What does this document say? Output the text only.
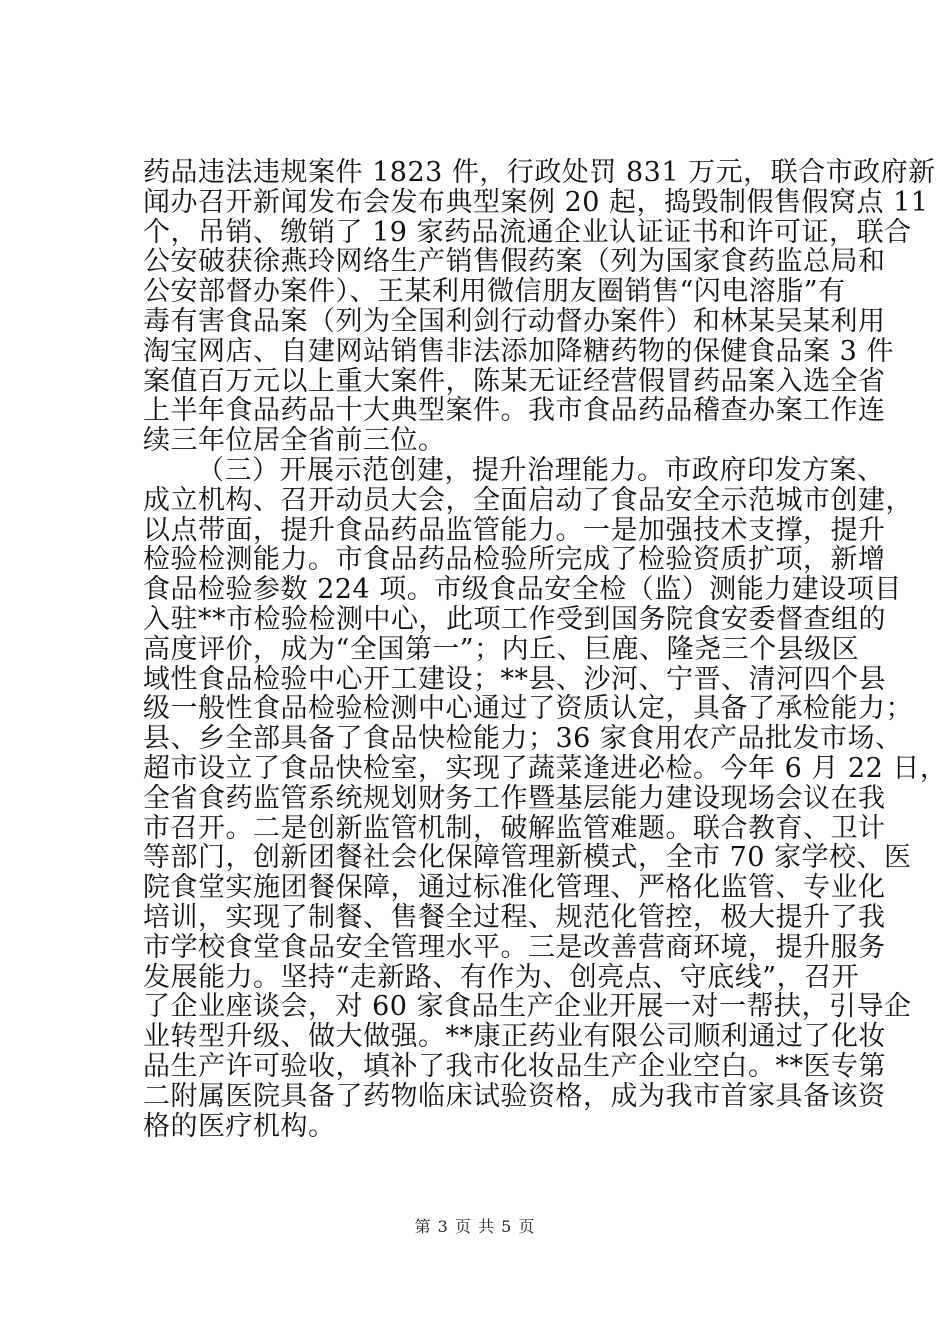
药品违法违规案件 1823 件，行政处罚 831 万元，联合市政府新
闻办召开新闻发布会发布典型案例 20 起，捣毁制假售假窝点 11
个，吊销、缴销了 19 家药品流通企业认证证书和许可证，联合
公安破获徐燕玲网络生产销售假药案（列为国家食药监总局和
公安部督办案件）、王某利用微信朋友圈销售“闪电溶脂”有
毒有害食品案（列为全国利剑行动督办案件）和林某吴某利用
淘宝网店、自建网站销售非法添加降糖药物的保健食品案 3 件
案值百万元以上重大案件，陈某无证经营假冒药品案入选全省
上半年食品药品十大典型案件。我市食品药品稽查办案工作连
续三年位居全省前三位。
（三）开展示范创建，提升治理能力。市政府印发方案、
成立机构、召开动员大会，全面启动了食品安全示范城市创建，
以点带面，提升食品药品监管能力。一是加强技术支撑，提升
检验检测能力。市食品药品检验所完成了检验资质扩项，新增
食品检验参数 224 项。市级食品安全检（监）测能力建设项目
入驻**市检验检测中心，此项工作受到国务院食安委督查组的
高度评价，成为“全国第一”；内丘、巨鹿、隆尧三个县级区
域性食品检验中心开工建设；**县、沙河、宁晋、清河四个县
级一般性食品检验检测中心通过了资质认定，具备了承检能力；
县、乡全部具备了食品快检能力；36 家食用农产品批发市场、
超市设立了食品快检室，实现了蔬菜逢进必检。今年 6 月 22 日，
全省食药监管系统规划财务工作暨基层能力建设现场会议在我
市召开。二是创新监管机制，破解监管难题。联合教育、卫计
等部门，创新团餐社会化保障管理新模式，全市 70 家学校、医
院食堂实施团餐保障，通过标准化管理、严格化监管、专业化
培训，实现了制餐、售餐全过程、规范化管控，极大提升了我
市学校食堂食品安全管理水平。三是改善营商环境，提升服务
发展能力。坚持“走新路、有作为、创亮点、守底线”，召开
了企业座谈会，对 60 家食品生产企业开展一对一帮扶，引导企
业转型升级、做大做强。**康正药业有限公司顺利通过了化妆
品生产许可验收，填补了我市化妆品生产企业空白。**医专第
二附属医院具备了药物临床试验资格，成为我市首家具备该资
格的医疗机构。
第 3 页 共 5 页
